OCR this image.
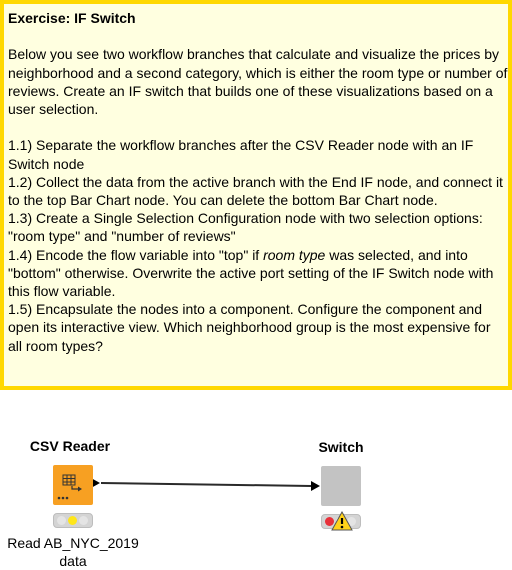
Exercise: IF Switch

Below you see two workflow branches that calculate and visualize the prices by neighborhood and a second category, which is either the room type or number of reviews. Create an IF switch that builds one of these visualizations based on a user selection.

1.1) Separate the workflow branches after the CSV Reader node with an IF Switch node
1.2) Collect the data from the active branch with the End IF node, and connect it to the top Bar Chart node. You can delete the bottom Bar Chart node.
1.3) Create a Single Selection Configuration node with two selection options: "room type" and "number of reviews"
1.4) Encode the flow variable into "top" if room type was selected, and into "bottom" otherwise. Overwrite the active port setting of the IF Switch node with this flow variable.
1.5) Encapsulate the nodes into a component. Configure the component and open its interactive view. Which neighborhood group is the most expensive for all room types?
CSV Reader
Read AB_NYC_2019 data
Switch
